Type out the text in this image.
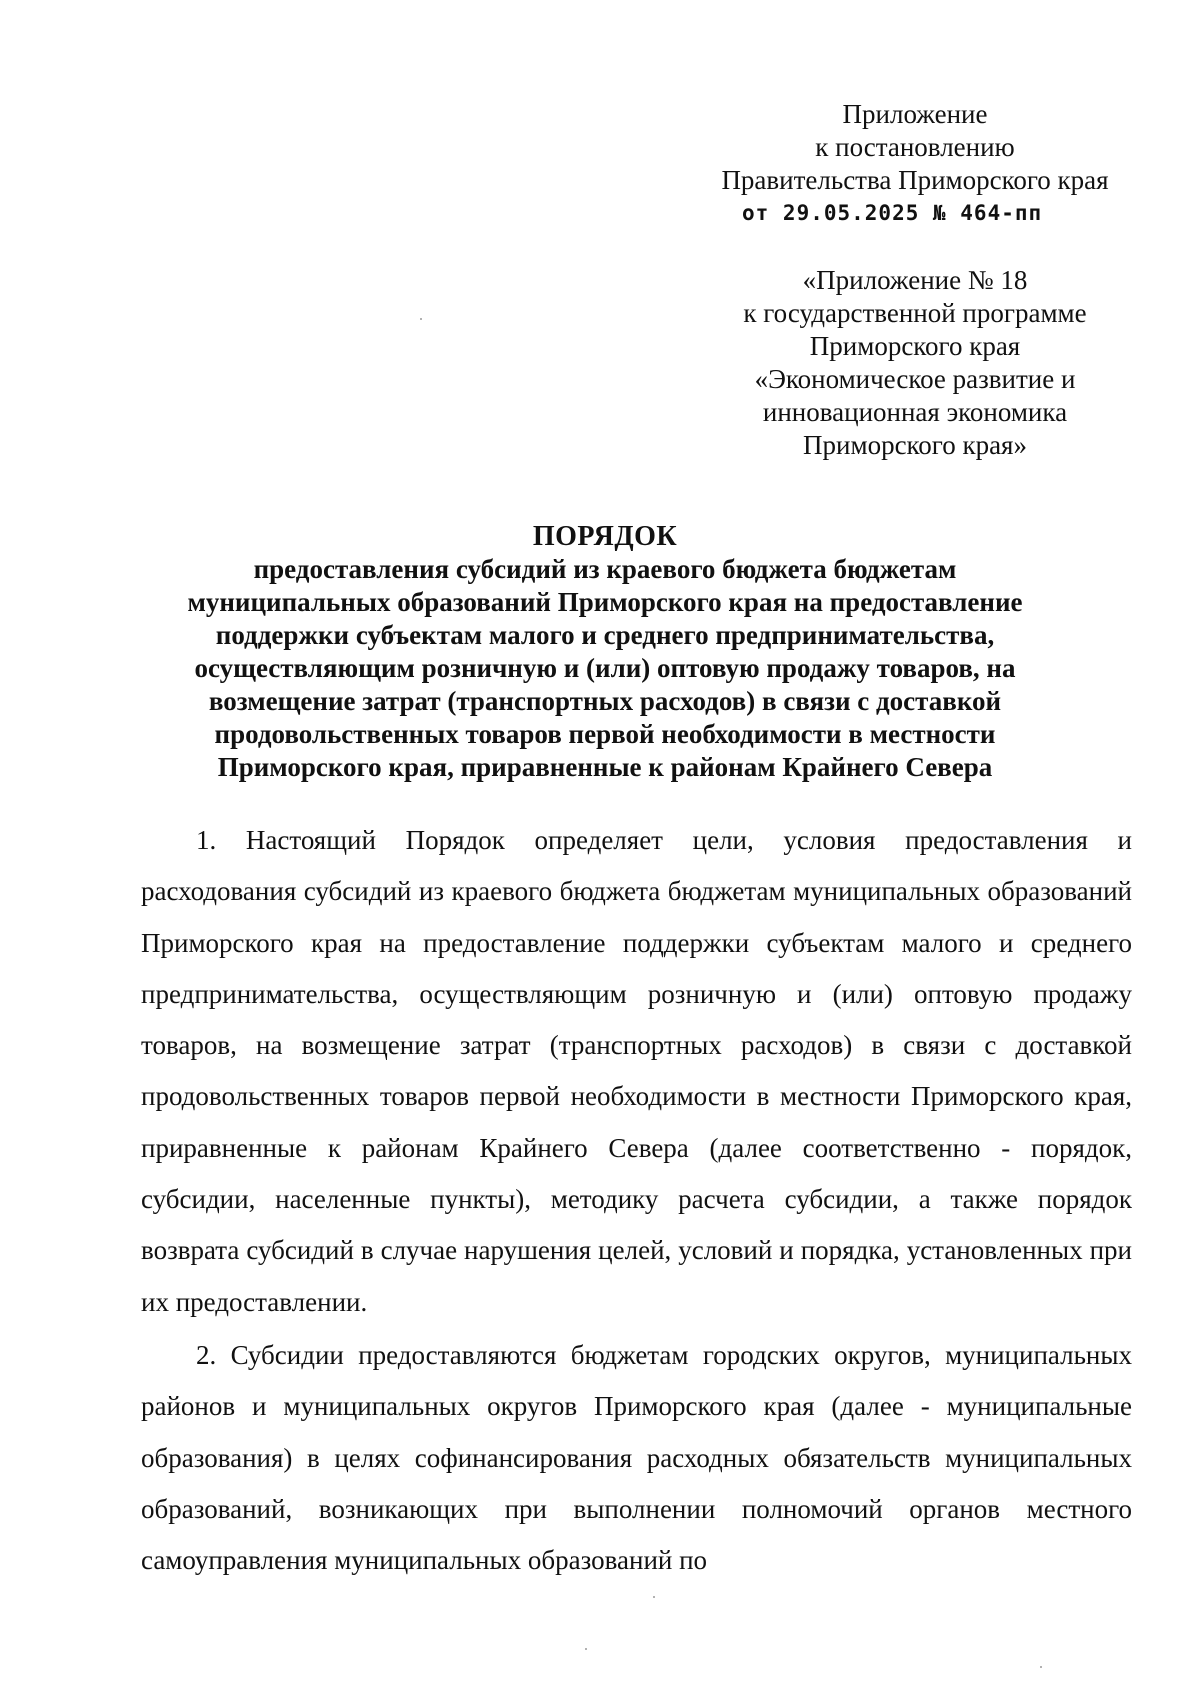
Приложение
к постановлению
Правительства Приморского края
от 29.05.2025 № 464-пп
«Приложение № 18
к государственной программе
Приморского края
«Экономическое развитие и
инновационная экономика
Приморского края»
ПОРЯДОК
предоставления субсидий из краевого бюджета бюджетам
муниципальных образований Приморского края на предоставление
поддержки субъектам малого и среднего предпринимательства,
осуществляющим розничную и (или) оптовую продажу товаров, на
возмещение затрат (транспортных расходов) в связи с доставкой
продовольственных товаров первой необходимости в местности
Приморского края, приравненные к районам Крайнего Севера

1. Настоящий Порядок определяет цели, условия предоставления и расходования субсидий из краевого бюджета бюджетам муниципальных образований Приморского края на предоставление поддержки субъектам малого и среднего предпринимательства, осуществляющим розничную и (или) оптовую продажу товаров, на возмещение затрат (транспортных расходов) в связи с доставкой продовольственных товаров первой необходимости в местности Приморского края, приравненные к районам Крайнего Севера (далее соответственно - порядок, субсидии, населенные пункты), методику расчета субсидии, а также порядок возврата субсидий в случае нарушения целей, условий и порядка, установленных при их предоставлении.

2. Субсидии предоставляются бюджетам городских округов, муниципальных районов и муниципальных округов Приморского края (далее - муниципальные образования) в целях софинансирования расходных обязательств муниципальных образований, возникающих при выполнении полномочий органов местного самоуправления муниципальных образований по
